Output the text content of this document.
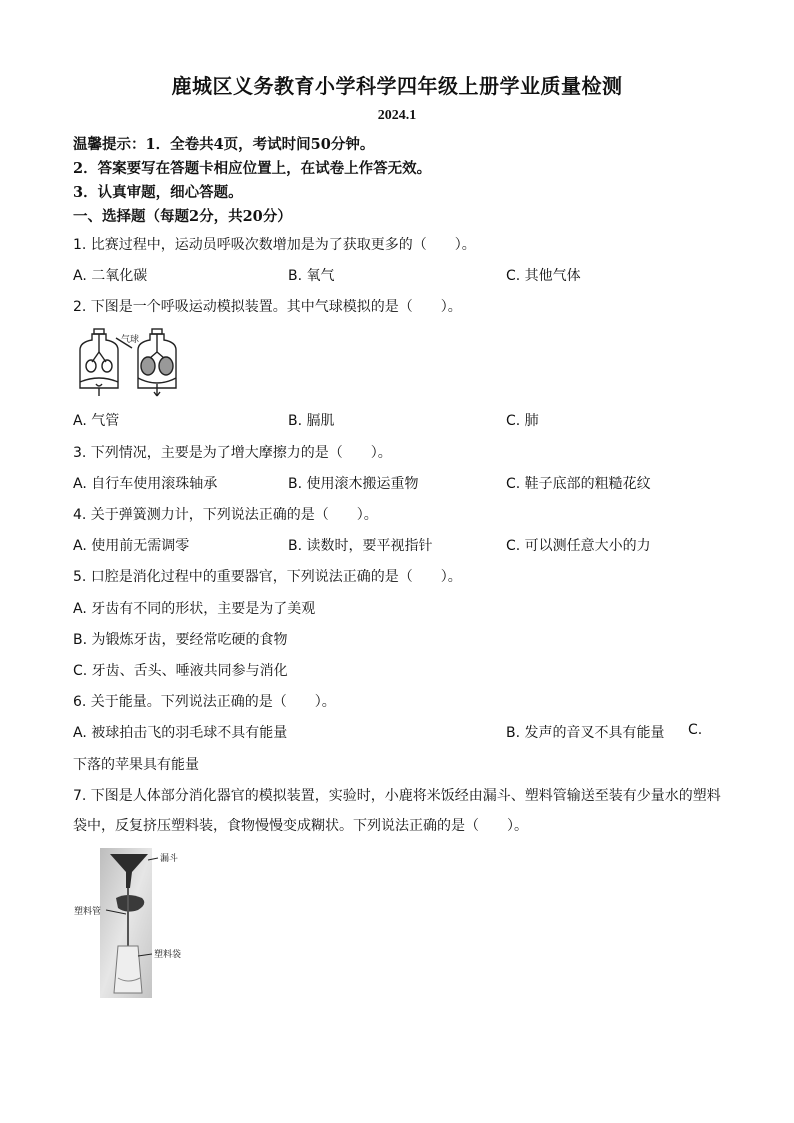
鹿城区义务教育小学科学四年级上册学业质量检测
2024.1
温馨提示：1．全卷共4页，考试时间50分钟。
2．答案要写在答题卡相应位置上，在试卷上作答无效。
3．认真审题，细心答题。
一、选择题（每题2分，共20分）
1. 比赛过程中，运动员呼吸次数增加是为了获取更多的（　　）。
A. 二氧化碳	B. 氧气	C. 其他气体
2. 下图是一个呼吸运动模拟装置。其中气球模拟的是（　　）。
气球
A. 气管	B. 膈肌	C. 肺
3. 下列情况，主要是为了增大摩擦力的是（　　）。
A. 自行车使用滚珠轴承	B. 使用滚木搬运重物	C. 鞋子底部的粗糙花纹
4. 关于弹簧测力计，下列说法正确的是（　　）。
A. 使用前无需调零	B. 读数时，要平视指针	C. 可以测任意大小的力
5. 口腔是消化过程中的重要器官，下列说法正确的是（　　）。
A. 牙齿有不同的形状，主要是为了美观
B. 为锻炼牙齿，要经常吃硬的食物
C. 牙齿、舌头、唾液共同参与消化
6. 关于能量。下列说法正确的是（　　）。
A. 被球拍击飞的羽毛球不具有能量	B. 发声的音叉不具有能量 C.
下落的苹果具有能量
7. 下图是人体部分消化器官的模拟装置，实验时，小鹿将米饭经由漏斗、塑料管输送至装有少量水的塑料
袋中，反复挤压塑料装，食物慢慢变成糊状。下列说法正确的是（　　）。
漏斗
塑料管
塑料袋
